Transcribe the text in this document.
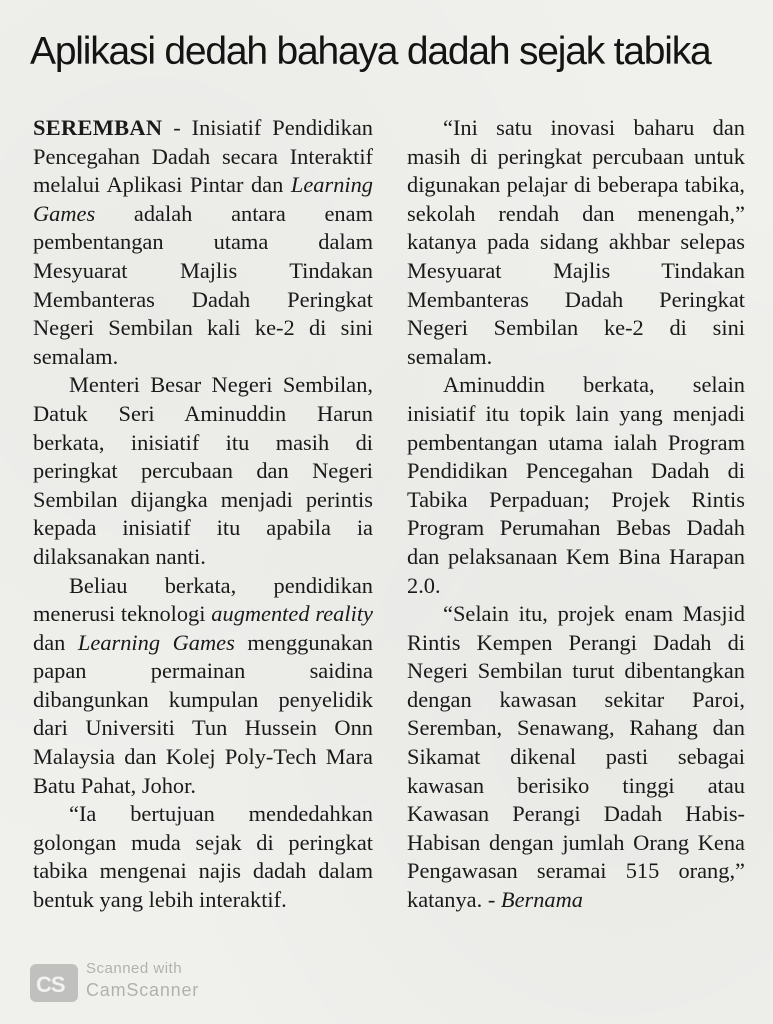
Aplikasi dedah bahaya dadah sejak tabika

SEREMBAN - Inisiatif Pendidikan Pencegahan Dadah secara Interaktif melalui Aplikasi Pintar dan Learning Games adalah antara enam pembentangan utama dalam Mesyuarat Majlis Tindakan Membanteras Dadah Peringkat Negeri Sembilan kali ke-2 di sini semalam.

Menteri Besar Negeri Sembilan, Datuk Seri Aminuddin Harun berkata, inisiatif itu masih di peringkat percubaan dan Negeri Sembilan dijangka menjadi perintis kepada inisiatif itu apabila ia dilaksanakan nanti.

Beliau berkata, pendidikan menerusi teknologi augmented reality dan Learning Games menggunakan papan permainan saidina dibangunkan kumpulan penyelidik dari Universiti Tun Hussein Onn Malaysia dan Kolej Poly-Tech Mara Batu Pahat, Johor.

“Ia bertujuan mendedahkan golongan muda sejak di peringkat tabika mengenai najis dadah dalam bentuk yang lebih interaktif.

“Ini satu inovasi baharu dan masih di peringkat percubaan untuk digunakan pelajar di beberapa tabika, sekolah rendah dan menengah,” katanya pada sidang akhbar selepas Mesyuarat Majlis Tindakan Membanteras Dadah Peringkat Negeri Sembilan ke-2 di sini semalam.

Aminuddin berkata, selain inisiatif itu topik lain yang menjadi pembentangan utama ialah Program Pendidikan Pencegahan Dadah di Tabika Perpaduan; Projek Rintis Program Perumahan Bebas Dadah dan pelaksanaan Kem Bina Harapan 2.0.

“Selain itu, projek enam Masjid Rintis Kempen Perangi Dadah di Negeri Sembilan turut dibentangkan dengan kawasan sekitar Paroi, Seremban, Senawang, Rahang dan Sikamat dikenal pasti sebagai kawasan berisiko tinggi atau Kawasan Perangi Dadah Habis-Habisan dengan jumlah Orang Kena Pengawasan seramai 515 orang,” katanya. - Bernama

CS
Scanned with
CamScanner
